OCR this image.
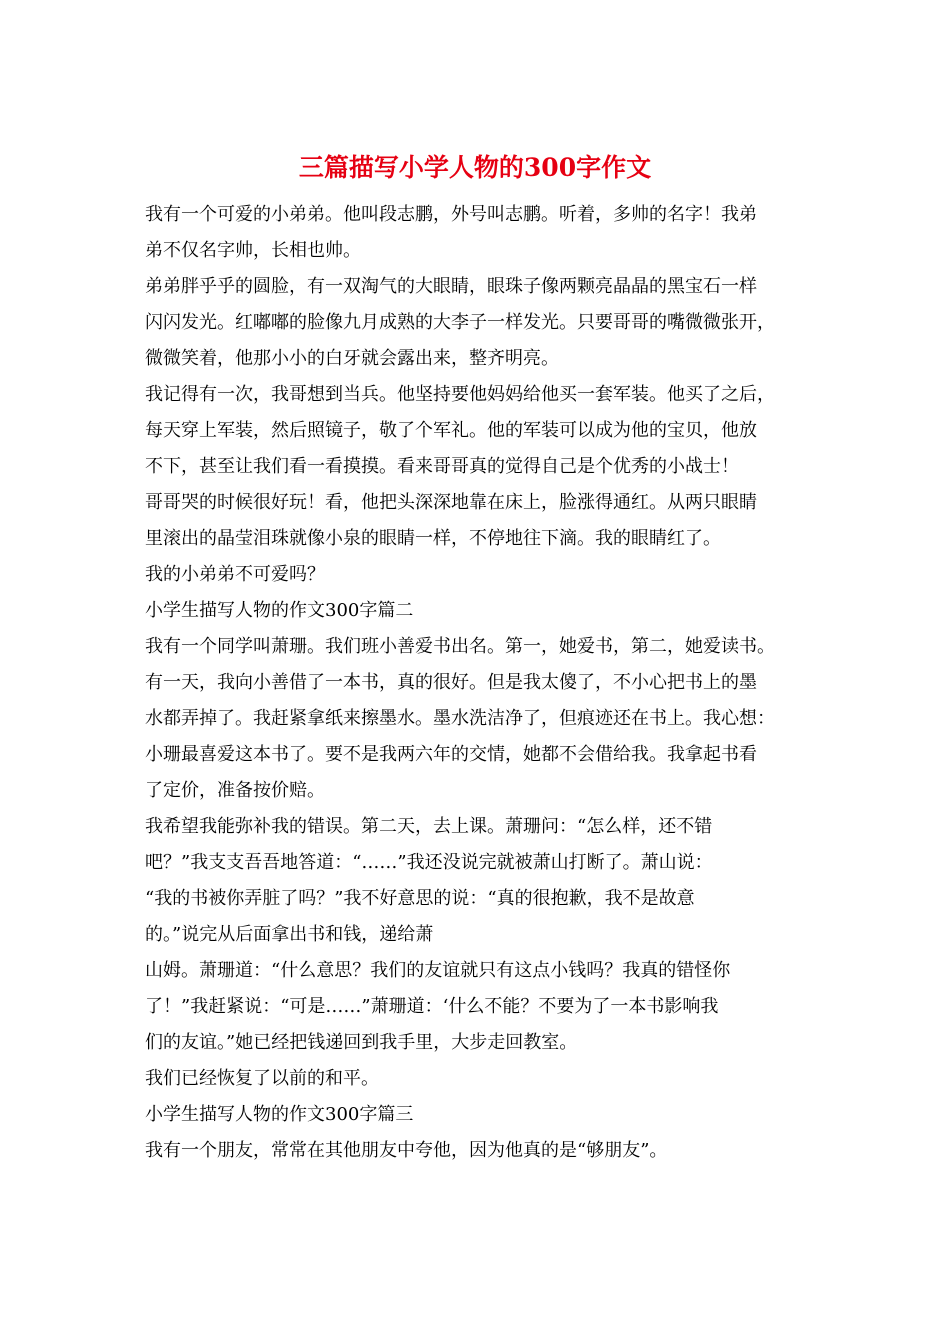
三篇描写小学人物的300字作文
我有一个可爱的小弟弟。他叫段志鹏，外号叫志鹏。听着，多帅的名字！我弟
弟不仅名字帅，长相也帅。
弟弟胖乎乎的圆脸，有一双淘气的大眼睛，眼珠子像两颗亮晶晶的黑宝石一样
闪闪发光。红嘟嘟的脸像九月成熟的大李子一样发光。只要哥哥的嘴微微张开，
微微笑着，他那小小的白牙就会露出来，整齐明亮。
我记得有一次，我哥想到当兵。他坚持要他妈妈给他买一套军装。他买了之后，
每天穿上军装，然后照镜子，敬了个军礼。他的军装可以成为他的宝贝，他放
不下，甚至让我们看一看摸摸。看来哥哥真的觉得自己是个优秀的小战士！
哥哥哭的时候很好玩！看，他把头深深地靠在床上，脸涨得通红。从两只眼睛
里滚出的晶莹泪珠就像小泉的眼睛一样，不停地往下滴。我的眼睛红了。
我的小弟弟不可爱吗？
小学生描写人物的作文300字篇二
我有一个同学叫萧珊。我们班小善爱书出名。第一，她爱书，第二，她爱读书。
有一天，我向小善借了一本书，真的很好。但是我太傻了，不小心把书上的墨
水都弄掉了。我赶紧拿纸来擦墨水。墨水洗洁净了，但痕迹还在书上。我心想：
小珊最喜爱这本书了。要不是我两六年的交情，她都不会借给我。我拿起书看
了定价，准备按价赔。
我希望我能弥补我的错误。第二天，去上课。萧珊问：“怎么样，还不错
吧？”我支支吾吾地答道：“……”我还没说完就被萧山打断了。萧山说：
“我的书被你弄脏了吗？”我不好意思的说：“真的很抱歉，我不是故意
的。”说完从后面拿出书和钱，递给萧
山姆。萧珊道：“什么意思？我们的友谊就只有这点小钱吗？我真的错怪你
了！”我赶紧说：“可是……”萧珊道：‘什么不能？不要为了一本书影响我
们的友谊。”她已经把钱递回到我手里，大步走回教室。
我们已经恢复了以前的和平。
小学生描写人物的作文300字篇三
我有一个朋友，常常在其他朋友中夸他，因为他真的是“够朋友”。
